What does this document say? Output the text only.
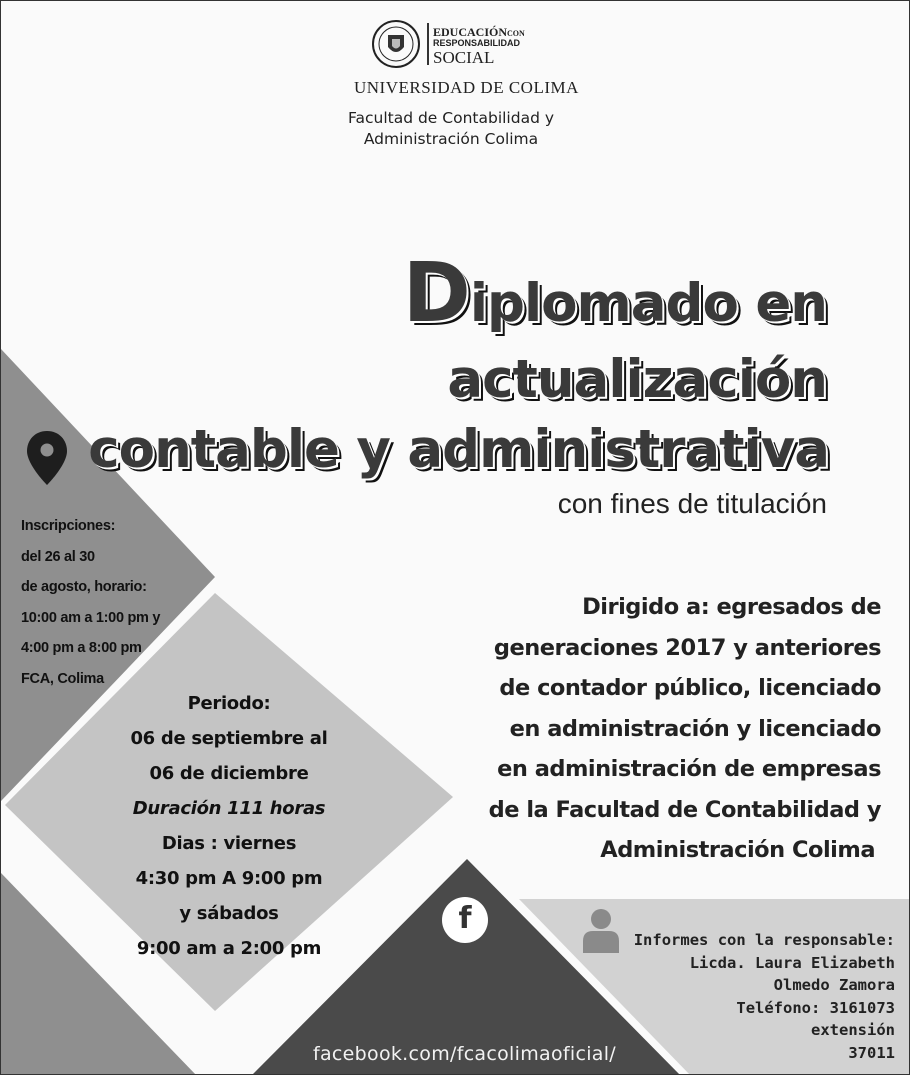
EDUCACIÓNCON
RESPONSABILIDAD
SOCIAL
UNIVERSIDAD DE COLIMA
Facultad de Contabilidad y
Administración Colima
Diplomado en
actualización
contable y administrativa
con fines de titulación
Dirigido a: egresados de
generaciones 2017 y anteriores
de contador público, licenciado
en administración y licenciado
en administración de empresas
de la Facultad de Contabilidad y
Administración Colima
Inscripciones:
del 26 al 30
de agosto, horario:
10:00 am a 1:00 pm y
4:00 pm a 8:00 pm
FCA, Colima
Periodo:
06 de septiembre al
06 de diciembre
Duración 111 horas
Dias : viernes
4:30 pm A 9:00 pm
y sábados
9:00 am a 2:00 pm
f
facebook.com/fcacolimaoficial/
Informes con la responsable:
Licda. Laura Elizabeth
Olmedo Zamora
Teléfono: 3161073
extensión
37011
